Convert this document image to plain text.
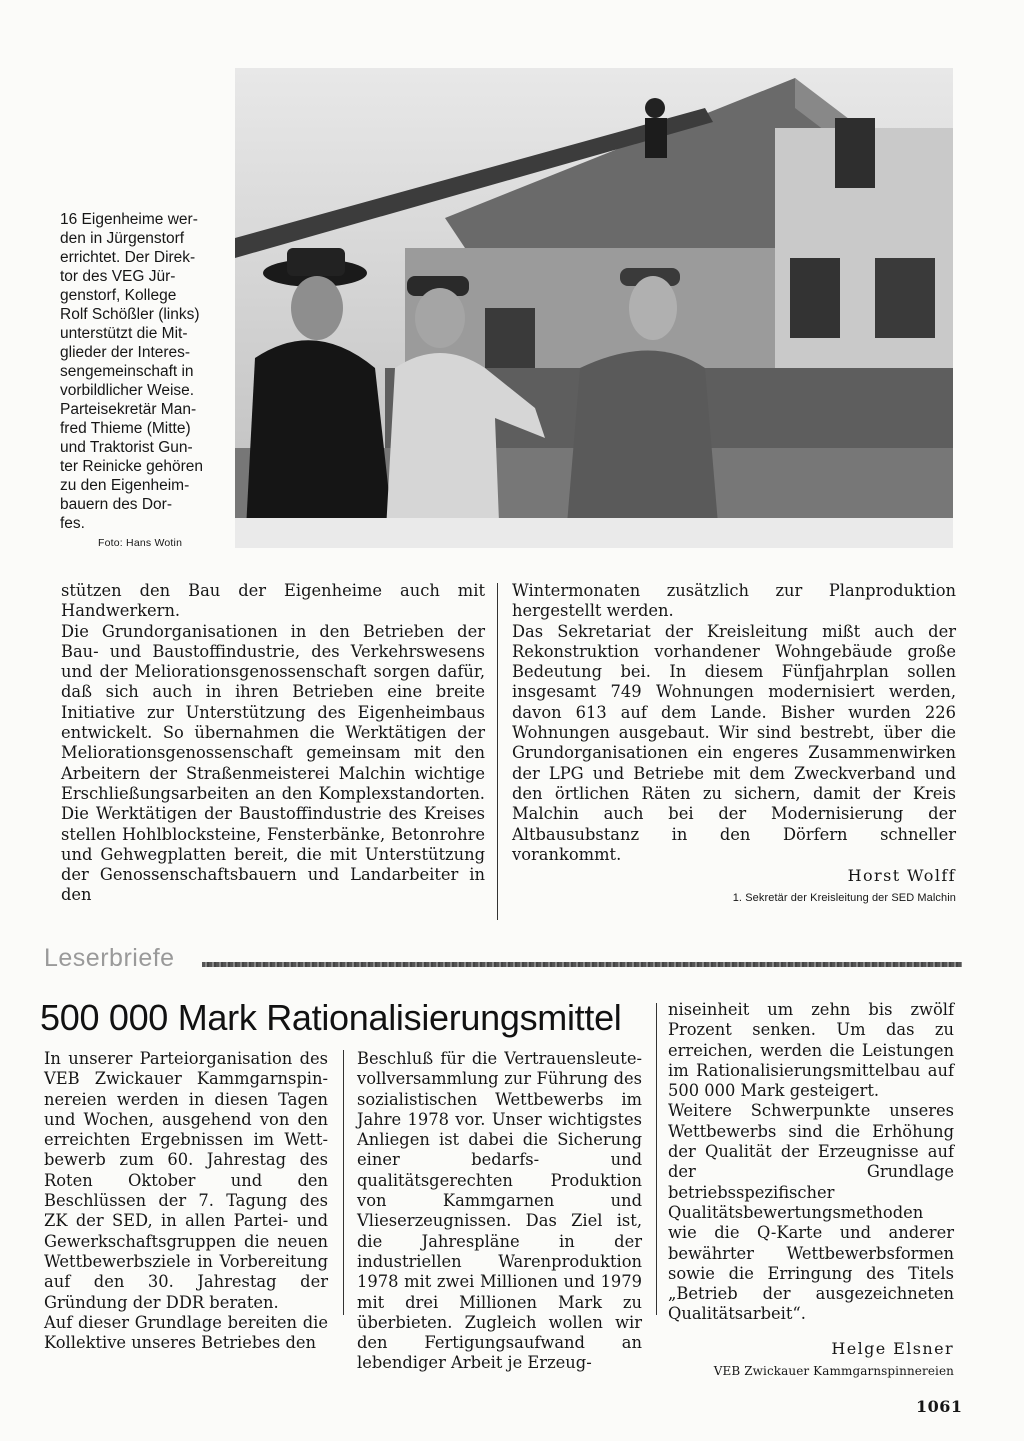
16 Eigenheime wer-

den in Jürgenstorf

errichtet. Der Direk-

tor des VEG Jür-

genstorf, Kollege

Rolf Schößler (links)

unterstützt die Mit-

glieder der Interes-

sengemeinschaft in

vorbildlicher Weise.

Parteisekretär Man-

fred Thieme (Mitte)

und Traktorist Gun-

ter Reinicke gehören

zu den Eigenheim-

bauern des Dor-

fes.

Foto: Hans Wotin

stützen den Bau der Eigenheime auch mit Handwerkern.

Die Grundorganisationen in den Betrieben der Bau- und Baustoffindustrie, des Verkehrswesens und der Meliorationsgenossenschaft sorgen dafür, daß sich auch in ihren Betrieben eine breite Initiative zur Unterstützung des Eigenheimbaus entwickelt. So übernahmen die Werktätigen der Meliorationsgenossenschaft gemeinsam mit den Arbeitern der Straßenmeisterei Malchin wichtige Erschließungsarbeiten an den Komplexstandorten. Die Werktätigen der Baustoffindustrie des Kreises stellen Hohlblocksteine, Fensterbänke, Betonrohre und Gehwegplatten bereit, die mit Unterstützung der Genossenschaftsbauern und Landarbeiter in den

Wintermonaten zusätzlich zur Planproduktion hergestellt werden.

Das Sekretariat der Kreisleitung mißt auch der Rekonstruktion vorhandener Wohngebäude große Bedeutung bei. In diesem Fünfjahrplan sollen insgesamt 749 Wohnungen modernisiert werden, davon 613 auf dem Lande. Bisher wurden 226 Wohnungen ausgebaut. Wir sind bestrebt, über die Grundorganisationen ein engeres Zusammenwirken der LPG und Betriebe mit dem Zweckverband und den örtlichen Räten zu sichern, damit der Kreis Malchin auch bei der Modernisierung der Altbausubstanz in den Dörfern schneller vorankommt.

Horst Wolff
1. Sekretär der Kreisleitung der SED Malchin
Leserbriefe
500 000 Mark Rationalisierungsmittel

In unserer Parteiorganisation des VEB Zwickauer Kammgarnspinnereien werden in diesen Tagen und Wochen, ausgehend von den erreichten Ergebnissen im Wettbewerb zum 60. Jahrestag des Roten Oktober und den Beschlüssen der 7. Tagung des ZK der SED, in allen Partei- und Gewerkschaftsgruppen die neuen Wettbewerbsziele in Vorbereitung auf den 30. Jahrestag der Gründung der DDR beraten.

Auf dieser Grundlage bereiten die Kollektive unseres Betriebes den

Beschluß für die Vertrauensleutevollversammlung zur Führung des sozialistischen Wettbewerbs im Jahre 1978 vor. Unser wichtigstes Anliegen ist dabei die Sicherung einer bedarfs- und qualitätsgerechten Produktion von Kammgarnen und Vlieserzeugnissen. Das Ziel ist, die Jahrespläne in der industriellen Warenproduktion 1978 mit zwei Millionen und 1979 mit drei Millionen Mark zu überbieten. Zugleich wollen wir den Fertigungsaufwand an lebendiger Arbeit je Erzeug-

niseinheit um zehn bis zwölf Prozent senken. Um das zu erreichen, werden die Leistungen im Rationalisierungsmittelbau auf 500 000 Mark gesteigert.

Weitere Schwerpunkte unseres Wettbewerbs sind die Erhöhung der Qualität der Erzeugnisse auf der Grundlage betriebsspezifischer Qualitätsbewertungsmethoden wie die Q-Karte und anderer bewährter Wettbewerbsformen sowie die Erringung des Titels „Betrieb der ausgezeichneten Qualitätsarbeit“.

Helge Elsner
VEB Zwickauer Kammgarnspinnereien
1061
